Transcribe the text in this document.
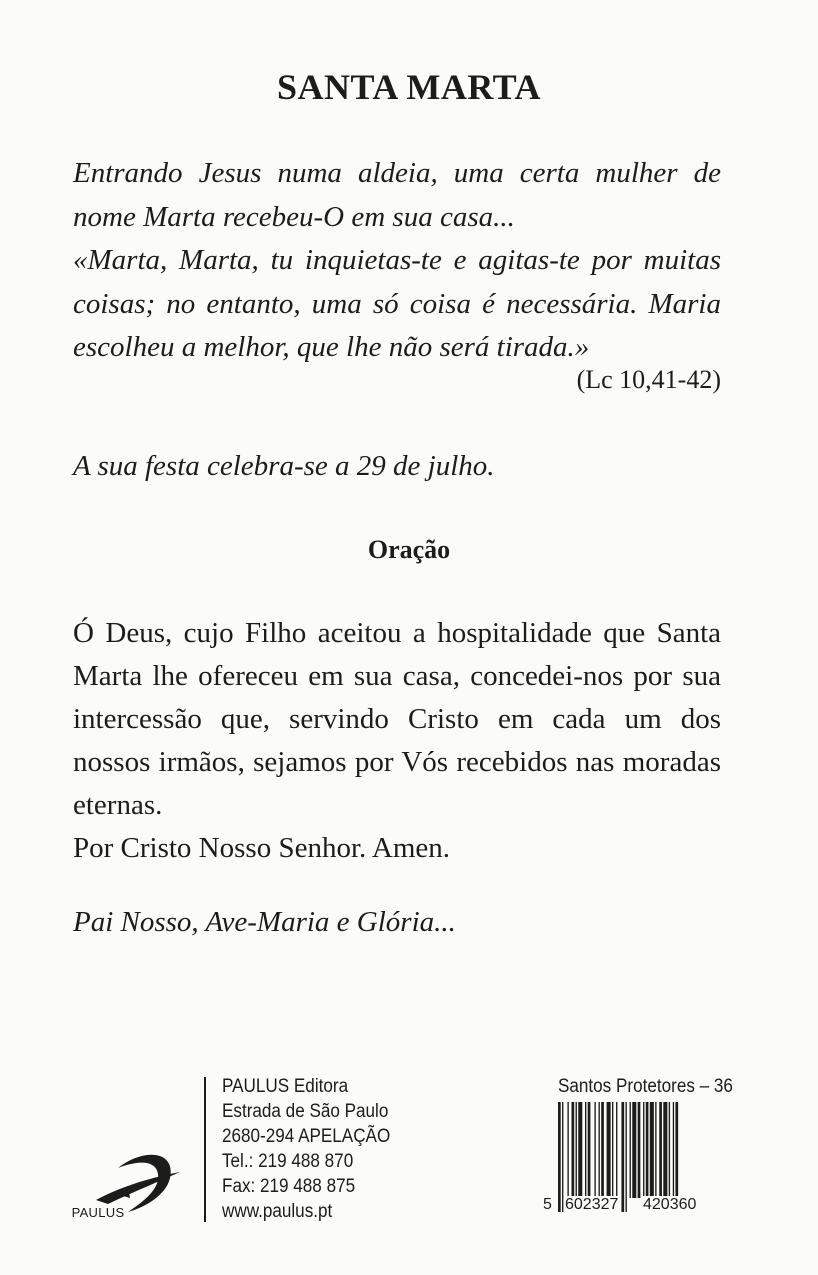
SANTA MARTA

Entrando Jesus numa aldeia, uma certa mulher de nome Marta recebeu-O em sua casa...

«Marta, Marta, tu inquietas-te e agitas-te por muitas coisas; no entanto, uma só coisa é necessária. Maria escolheu a melhor, que lhe não será tirada.»

(Lc 10,41-42)
A sua festa celebra-se a 29 de julho.
Oração

Ó Deus, cujo Filho aceitou a hospitalidade que Santa Marta lhe ofereceu em sua casa, concedei-nos por sua intercessão que, servindo Cristo em cada um dos nossos irmãos, sejamos por Vós recebidos nas moradas eternas.

Por Cristo Nosso Senhor. Amen.

Pai Nosso, Ave-Maria e Glória...
PAULUS
PAULUS Editora
Estrada de São Paulo
2680-294 APELAÇÃO
Tel.: 219 488 870
Fax: 219 488 875
www.paulus.pt
Santos Protetores – 36
5 602327 420360
